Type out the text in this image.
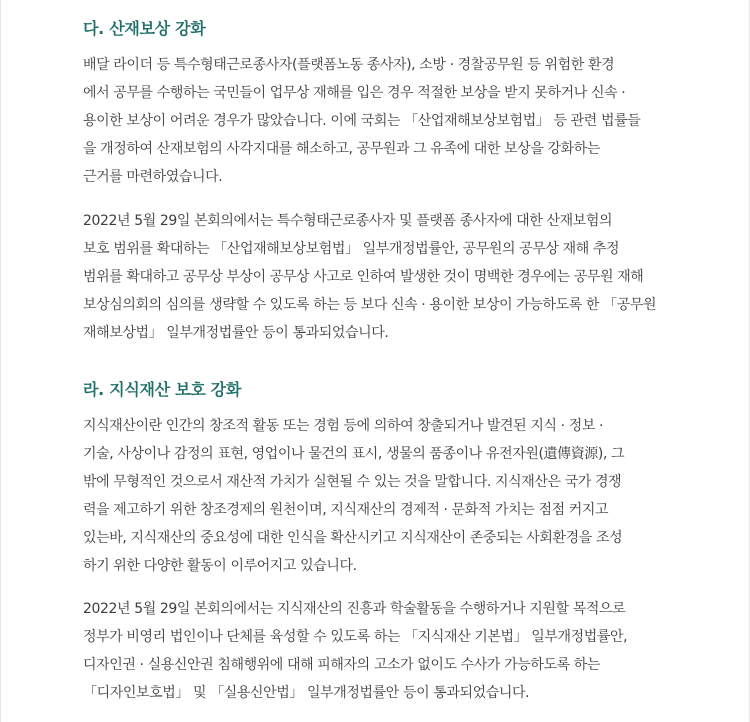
다. 산재보상 강화

배달 라이더 등 특수형태근로종사자(플랫폼노동 종사자), 소방 · 경찰공무원 등 위험한 환경
에서 공무를 수행하는 국민들이 업무상 재해를 입은 경우 적절한 보상을 받지 못하거나 신속 ·
용이한 보상이 어려운 경우가 많았습니다. 이에 국회는 「산업재해보상보험법」 등 관련 법률들
을 개정하여 산재보험의 사각지대를 해소하고, 공무원과 그 유족에 대한 보상을 강화하는
근거를 마련하였습니다.

2022년 5월 29일 본회의에서는 특수형태근로종사자 및 플랫폼 종사자에 대한 산재보험의
보호 범위를 확대하는 「산업재해보상보험법」 일부개정법률안, 공무원의 공무상 재해 추정
범위를 확대하고 공무상 부상이 공무상 사고로 인하여 발생한 것이 명백한 경우에는 공무원 재해
보상심의회의 심의를 생략할 수 있도록 하는 등 보다 신속 · 용이한 보상이 가능하도록 한 「공무원
재해보상법」 일부개정법률안 등이 통과되었습니다.

라. 지식재산 보호 강화

지식재산이란 인간의 창조적 활동 또는 경험 등에 의하여 창출되거나 발견된 지식 · 정보 ·
기술, 사상이나 감정의 표현, 영업이나 물건의 표시, 생물의 품종이나 유전자원(遺傳資源), 그
밖에 무형적인 것으로서 재산적 가치가 실현될 수 있는 것을 말합니다. 지식재산은 국가 경쟁
력을 제고하기 위한 창조경제의 원천이며, 지식재산의 경제적 · 문화적 가치는 점점 커지고
있는바, 지식재산의 중요성에 대한 인식을 확산시키고 지식재산이 존중되는 사회환경을 조성
하기 위한 다양한 활동이 이루어지고 있습니다.

2022년 5월 29일 본회의에서는 지식재산의 진흥과 학술활동을 수행하거나 지원할 목적으로
정부가 비영리 법인이나 단체를 육성할 수 있도록 하는 「지식재산 기본법」 일부개정법률안,
디자인권 · 실용신안권 침해행위에 대해 피해자의 고소가 없이도 수사가 가능하도록 하는
「디자인보호법」 및 「실용신안법」 일부개정법률안 등이 통과되었습니다.
